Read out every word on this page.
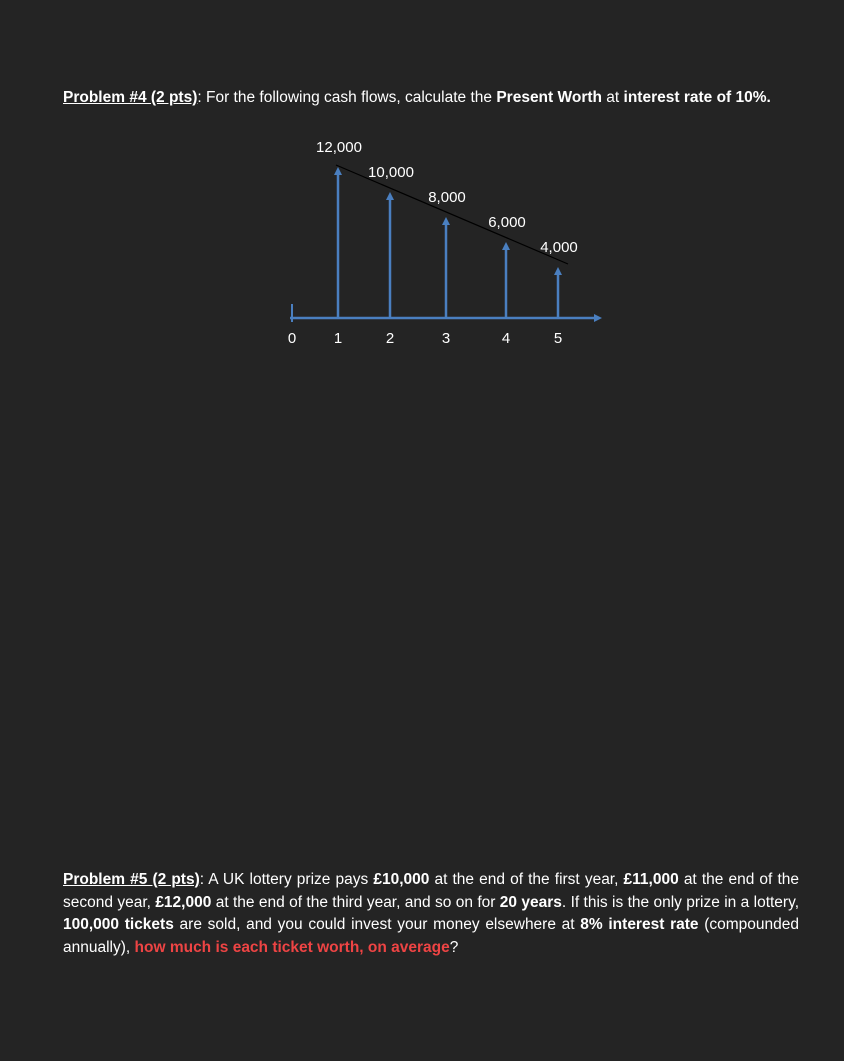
Problem #4 (2 pts): For the following cash flows, calculate the Present Worth at interest rate of 10%.

0	1
12,000
2
10,000
3
8,000
4
6,000
5
4,000

Problem #5 (2 pts): A UK lottery prize pays £10,000 at the end of the first year, £11,000 at the end of the second year, £12,000 at the end of the third year, and so on for 20 years. If this is the only prize in a lottery, 100,000 tickets are sold, and you could invest your money elsewhere at 8% interest rate (compounded annually), how much is each ticket worth, on average?
